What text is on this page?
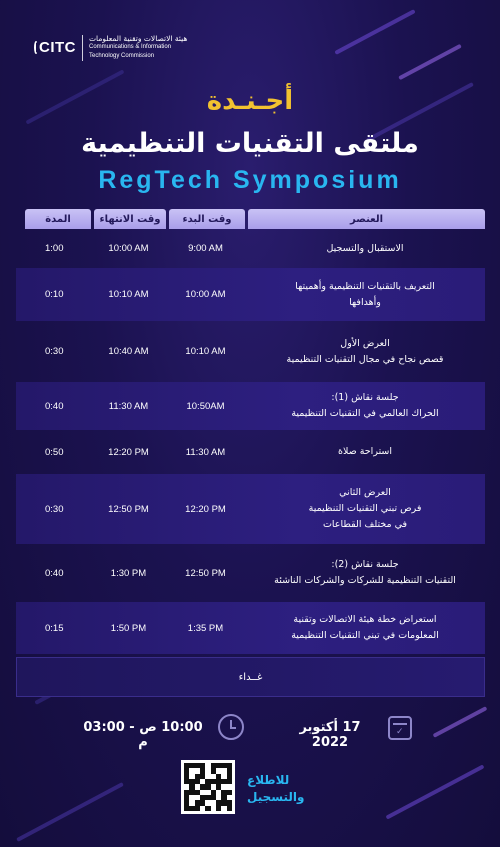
CITC
هيئة الاتصالات وتقنية المعلومات
Communications & Information
Technology Commission
أجـنـدة
ملتقى التقنيات التنظيمية
RegTech Symposium
العنصر
وقت البدء
وقت الانتهاء
المدة
الاستقبال والتسجيل
9:00 AM
10:00 AM
1:00
التعريف بالتقنيات التنظيمية وأهميتها
وأهدافها
10:00 AM
10:10 AM
0:10
العرض الأول
قصص نجاح في مجال التقنيات التنظيمية
10:10 AM
10:40 AM
0:30
جلسة نقاش (1):
الحراك العالمي في التقنيات التنظيمية
10:50AM
11:30 AM
0:40
استراحة صلاة
11:30 AM
12:20 PM
0:50
العرض الثاني
فرص تبني التقنيات التنظيمية
في مختلف القطاعات
12:20 PM
12:50 PM
0:30
جلسة نقاش (2):
التقنيات التنظيمية للشركات والشركات الناشئة
12:50 PM
1:30 PM
0:40
استعراض خطة هيئة الاتصالات وتقنية
المعلومات في تبني التقنيات التنظيمية
1:35 PM
1:50 PM
0:15
غــداء
✓
17 أكتوبر 2022
10:00 ص - 03:00 م
للاطلاع
والتسجيل
